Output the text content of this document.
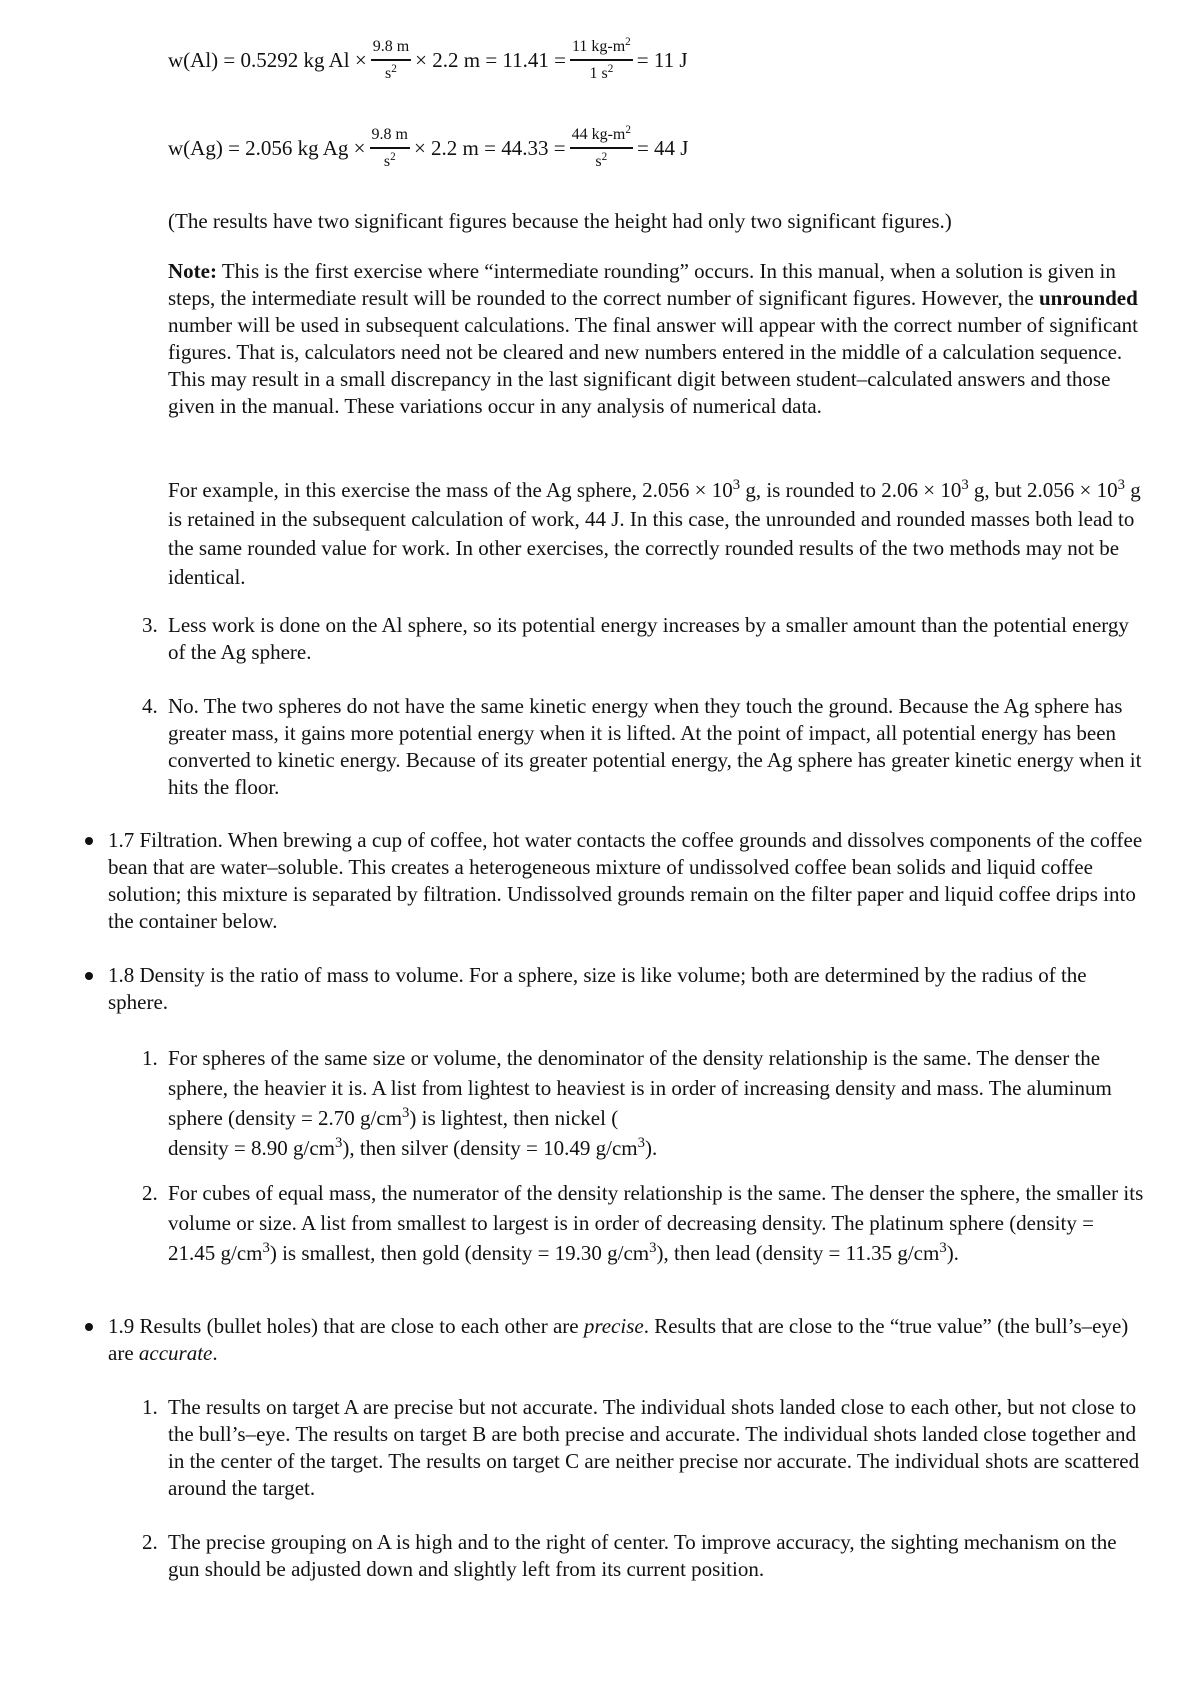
w(Al) = 0.5292 kg $Al \times \frac{9.8 m}{s^2} \times 2.2$ $m = 11.41 = \frac{11 kg-m^2}{1 s^2} = 11$ J
w(Ag) = 2.056 kg $Ag \times \frac{9.8 m}{s^2} \times 2.2$ $m = 44.33 = \frac{44 kg-m^2}{s^2} = 44$ J

(The results have two significant figures because the height had only two significant figures.)

Note: This is the first exercise where “intermediate rounding” occurs. In this manual, when a solution is given in steps, the intermediate result will be rounded to the correct number of significant figures. However, the unrounded number will be used in subsequent calculations. The final answer will appear with the correct number of significant figures. That is, calculators need not be cleared and new numbers entered in the middle of a calculation sequence. This may result in a small discrepancy in the last significant digit between student–calculated answers and those given in the manual. These variations occur in any analysis of numerical data.

For example, in this exercise the mass of the Ag sphere, $2.056 \times 10^3$ g, is rounded to $2.06 \times 10^3$ g, but $2.056 \times 10^3$ g is retained in the subsequent calculation of work, 44 J. In this case, the unrounded and rounded masses both lead to the same rounded value for work. In other exercises, the correctly rounded results of the two methods may not be identical.

3. Less work is done on the Al sphere, so its potential energy increases by a smaller amount than the potential energy of the Ag sphere.
4. No. The two spheres do not have the same kinetic energy when they touch the ground. Because the Ag sphere has greater mass, it gains more potential energy when it is lifted. At the point of impact, all potential energy has been converted to kinetic energy. Because of its greater potential energy, the Ag sphere has greater kinetic energy when it hits the floor.
1.7 Filtration. When brewing a cup of coffee, hot water contacts the coffee grounds and dissolves components of the coffee bean that are water–soluble. This creates a heterogeneous mixture of undissolved coffee bean solids and liquid coffee solution; this mixture is separated by filtration. Undissolved grounds remain on the filter paper and liquid coffee drips into the container below.
1.8 Density is the ratio of mass to volume. For a sphere, size is like volume; both are determined by the radius of the sphere.
1. For spheres of the same size or volume, the denominator of the density relationship is the same. The denser the sphere, the heavier it is. A list from lightest to heaviest is in order of increasing density and mass. The aluminum sphere (density = 2.70 $g/cm^3$) is lightest, then nickel (
density = 8.90 $g/cm^3$), then silver (density = 10.49 $g/cm^3$).
2. For cubes of equal mass, the numerator of the density relationship is the same. The denser the sphere, the smaller its volume or size. A list from smallest to largest is in order of decreasing density. The platinum sphere (density = 21.45 $g/cm^3$) is smallest, then gold (density = 19.30 $g/cm^3$), then lead (density = 11.35 $g/cm^3$).
1.9 Results (bullet holes) that are close to each other are precise. Results that are close to the “true value” (the bull’s–eye) are accurate.
1. The results on target A are precise but not accurate. The individual shots landed close to each other, but not close to the bull’s–eye. The results on target B are both precise and accurate. The individual shots landed close together and in the center of the target. The results on target C are neither precise nor accurate. The individual shots are scattered around the target.
2. The precise grouping on A is high and to the right of center. To improve accuracy, the sighting mechanism on the gun should be adjusted down and slightly left from its current position.
